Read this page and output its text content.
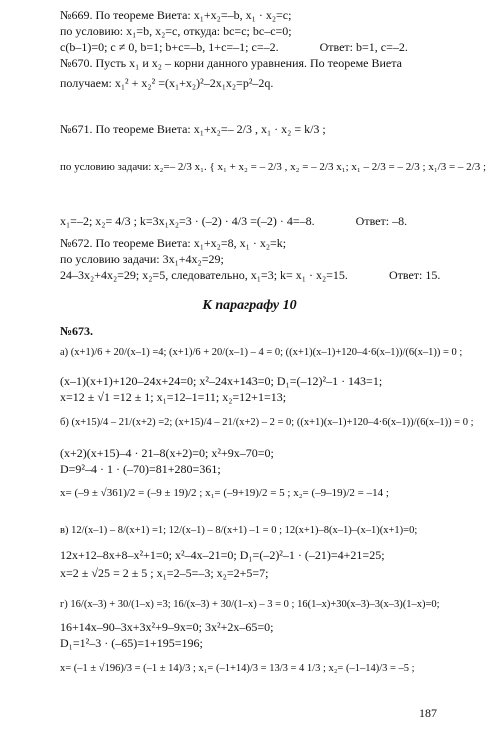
№669. По теореме Виета: x₁+x₂=–b, x₁ · x₂=c;
по условию: x₁=b, x₂=c, откуда: bc=c; bc–c=0;
c(b–1)=0; c ≠ 0, b=1; b+c=–b, 1+c=–1; c=–2.	Ответ: b=1, c=–2.
№670. Пусть x₁ и x₂ – корни данного уравнения. По теореме Виета
получаем: x₁² + x₂² =(x₁+x₂)²–2x₁x₂=p²–2q.
№671. По теореме Виета: x₁+x₂=– 2/3 , x₁ · x₂ = k/3 ;
по условию задачи: x₂=– 2/3 x₁. { x₁ + x₂ = – 2/3 , x₂ = – 2/3 x₁; x₁ – 2/3 = – 2/3 ; x₁/3 = – 2/3 ;
x₁=–2; x₂= 4/3 ; k=3x₁x₂=3 · (–2) · 4/3 =(–2) · 4=–8.	Ответ: –8.
№672. По теореме Виета: x₁+x₂=8, x₁ · x₂=k;
по условию задачи: 3x₁+4x₂=29;
24–3x₂+4x₂=29; x₂=5, следовательно, x₁=3; k= x₁ · x₂=15.	Ответ: 15.
К параграфу 10
№673.
а) (x+1)/6 + 20/(x–1) =4; (x+1)/6 + 20/(x–1) – 4 = 0; ((x+1)(x–1)+120–4·6(x–1))/(6(x–1)) = 0 ;
(x–1)(x+1)+120–24x+24=0; x²–24x+143=0; D₁=(–12)²–1 · 143=1;
x=12 ± √1 =12 ± 1; x₁=12–1=11; x₂=12+1=13;
б) (x+15)/4 – 21/(x+2) =2; (x+15)/4 – 21/(x+2) – 2 = 0; ((x+1)(x–1)+120–4·6(x–1))/(6(x–1)) = 0 ;
(x+2)(x+15)–4 · 21–8(x+2)=0; x²+9x–70=0;
D=9²–4 · 1 · (–70)=81+280=361;
x= (–9 ± √361)/2 = (–9 ± 19)/2 ; x₁= (–9+19)/2 = 5 ; x₂= (–9–19)/2 = –14 ;
в) 12/(x–1) – 8/(x+1) =1; 12/(x–1) – 8/(x+1) –1 = 0 ; 12(x+1)–8(x–1)–(x–1)(x+1)=0;
12x+12–8x+8–x²+1=0; x²–4x–21=0; D₁=(–2)²–1 · (–21)=4+21=25;
x=2 ± √25 = 2 ± 5 ; x₁=2–5=–3; x₂=2+5=7;
г) 16/(x–3) + 30/(1–x) =3; 16/(x–3) + 30/(1–x) – 3 = 0 ; 16(1–x)+30(x–3)–3(x–3)(1–x)=0;
16+14x–90–3x+3x²+9–9x=0; 3x²+2x–65=0;
D₁=1²–3 · (–65)=1+195=196;
x= (–1 ± √196)/3 = (–1 ± 14)/3 ; x₁= (–1+14)/3 = 13/3 = 4 1/3 ; x₂= (–1–14)/3 = –5 ;
187
